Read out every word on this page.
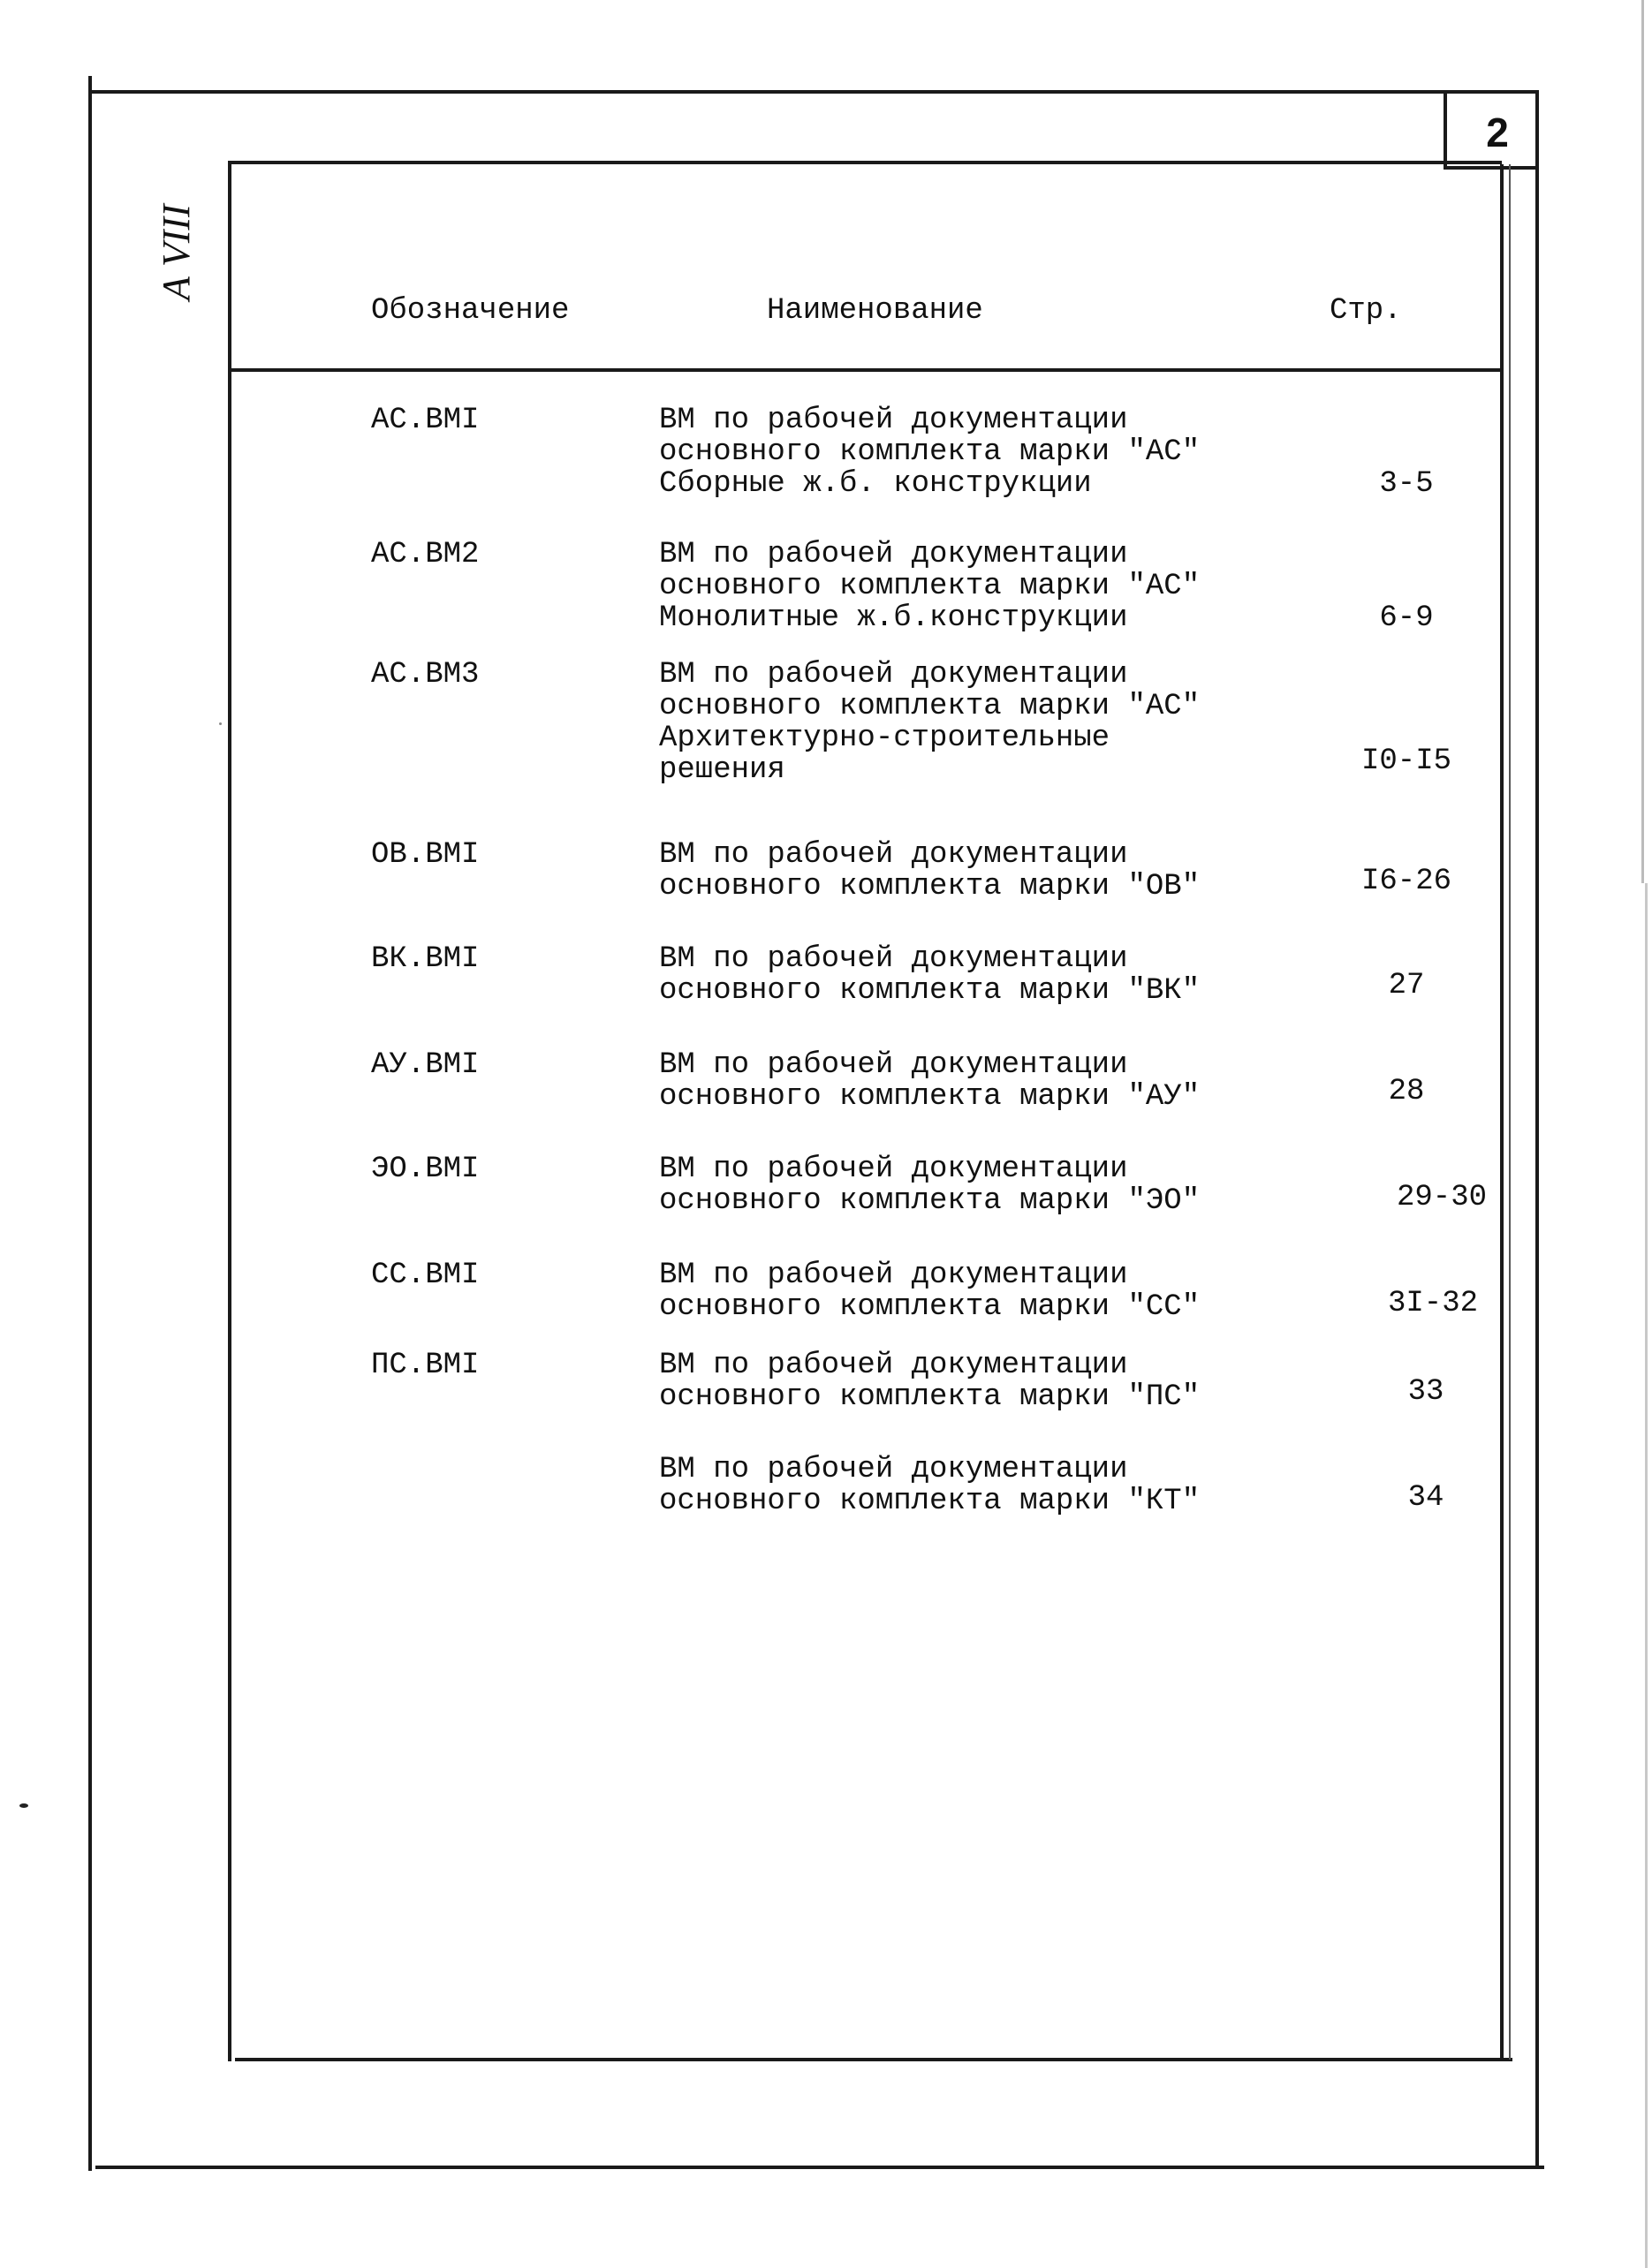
2
А VIII
Обозначение	Наименование	Стр.
АС.ВМI	ВМ по рабочей документации
основного комплекта марки "АС"
Сборные ж.б. конструкции	3-5
АС.ВМ2	ВМ по рабочей документации
основного комплекта марки "АС"
Монолитные ж.б.конструкции	6-9
АС.ВМ3	ВМ по рабочей документации
основного комплекта марки "АС"
Архитектурно-строительные
решения	I0-I5
ОВ.ВМI	ВМ по рабочей документации
основного комплекта марки "ОВ"	I6-26
ВК.ВМI	ВМ по рабочей документации
основного комплекта марки "ВК"	27
АУ.ВМI	ВМ по рабочей документации
основного комплекта марки "АУ"	28
ЭО.ВМI	ВМ по рабочей документации
основного комплекта марки "ЭО"	29-30
СС.ВМI	ВМ по рабочей документации
основного комплекта марки "СС"	3I-32
ПС.ВМI	ВМ по рабочей документации
основного комплекта марки "ПС"	33
ВМ по рабочей документации
основного комплекта марки "КТ"	34
